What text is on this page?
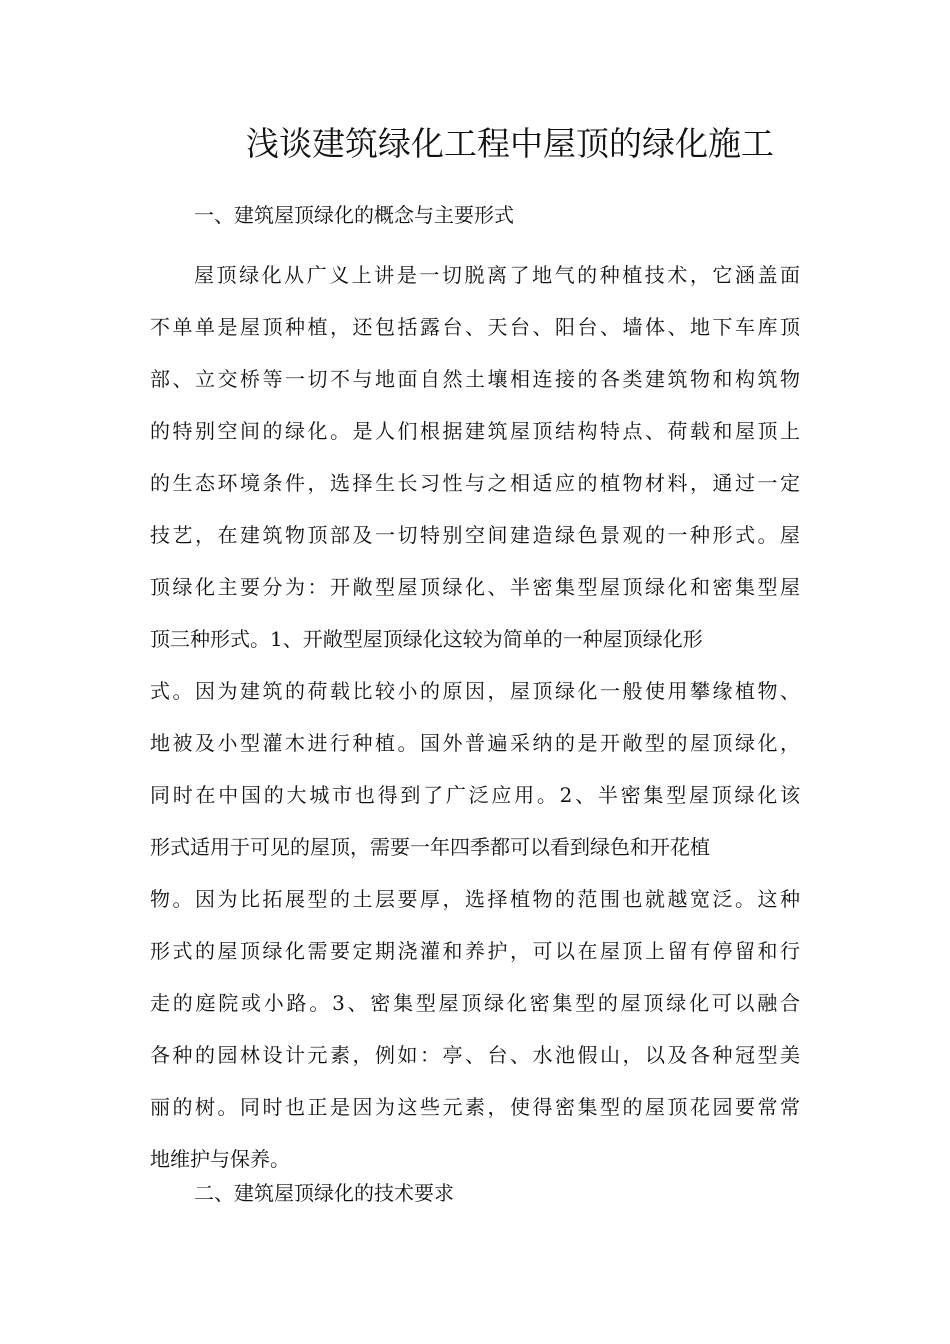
浅谈建筑绿化工程中屋顶的绿化施工
一、建筑屋顶绿化的概念与主要形式
屋顶绿化从广义上讲是一切脱离了地气的种植技术，它涵盖面
不单单是屋顶种植，还包括露台、天台、阳台、墙体、地下车库顶
部、立交桥等一切不与地面自然土壤相连接的各类建筑物和构筑物
的特别空间的绿化。是人们根据建筑屋顶结构特点、荷载和屋顶上
的生态环境条件，选择生长习性与之相适应的植物材料，通过一定
技艺，在建筑物顶部及一切特别空间建造绿色景观的一种形式。屋
顶绿化主要分为：开敞型屋顶绿化、半密集型屋顶绿化和密集型屋
顶三种形式。1、开敞型屋顶绿化这较为简单的一种屋顶绿化形
式。因为建筑的荷载比较小的原因，屋顶绿化一般使用攀缘植物、
地被及小型灌木进行种植。国外普遍采纳的是开敞型的屋顶绿化，
同时在中国的大城市也得到了广泛应用。2、半密集型屋顶绿化该
形式适用于可见的屋顶，需要一年四季都可以看到绿色和开花植
物。因为比拓展型的土层要厚，选择植物的范围也就越宽泛。这种
形式的屋顶绿化需要定期浇灌和养护，可以在屋顶上留有停留和行
走的庭院或小路。3、密集型屋顶绿化密集型的屋顶绿化可以融合
各种的园林设计元素，例如：亭、台、水池假山，以及各种冠型美
丽的树。同时也正是因为这些元素，使得密集型的屋顶花园要常常
地维护与保养。
二、建筑屋顶绿化的技术要求
